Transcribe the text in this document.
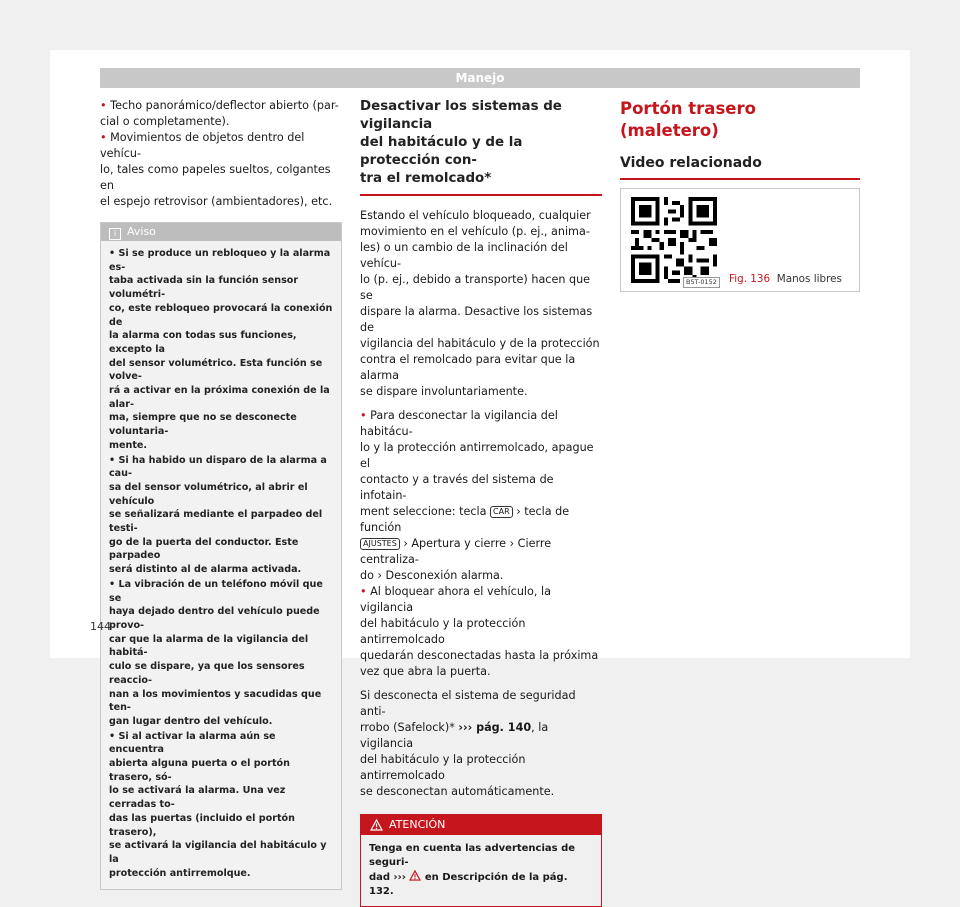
Manejo

• Techo panorámico/deflector abierto (par-
cial o completamente).

• Movimientos de objetos dentro del vehícu-
lo, tales como papeles sueltos, colgantes en
el espejo retrovisor (ambientadores), etc.

i Aviso
• Si se produce un rebloqueo y la alarma es-
taba activada sin la función sensor volumétri-
co, este rebloqueo provocará la conexión de
la alarma con todas sus funciones, excepto la
del sensor volumétrico. Esta función se volve-
rá a activar en la próxima conexión de la alar-
ma, siempre que no se desconecte voluntaria-
mente.
• Si ha habido un disparo de la alarma a cau-
sa del sensor volumétrico, al abrir el vehículo
se señalizará mediante el parpadeo del testi-
go de la puerta del conductor. Este parpadeo
será distinto al de alarma activada.
• La vibración de un teléfono móvil que se
haya dejado dentro del vehículo puede provo-
car que la alarma de la vigilancia del habitá-
culo se dispare, ya que los sensores reaccio-
nan a los movimientos y sacudidas que ten-
gan lugar dentro del vehículo.
• Si al activar la alarma aún se encuentra
abierta alguna puerta o el portón trasero, só-
lo se activará la alarma. Una vez cerradas to-
das las puertas (incluido el portón trasero),
se activará la vigilancia del habitáculo y la
protección antirremolque.
Desactivar los sistemas de vigilancia
del habitáculo y de la protección con-
tra el remolcado*

Estando el vehículo bloqueado, cualquier
movimiento en el vehículo (p. ej., anima-
les) o un cambio de la inclinación del vehícu-
lo (p. ej., debido a transporte) hacen que se
dispare la alarma. Desactive los sistemas de
vigilancia del habitáculo y de la protección
contra el remolcado para evitar que la alarma
se dispare involuntariamente.

• Para desconectar la vigilancia del habitácu-
lo y la protección antirremolcado, apague el
contacto y a través del sistema de infotain-
ment seleccione: tecla CAR › tecla de función
AJUSTES › Apertura y cierre › Cierre centraliza-
do › Desconexión alarma.

• Al bloquear ahora el vehículo, la vigilancia
del habitáculo y la protección antirremolcado
quedarán desconectadas hasta la próxima
vez que abra la puerta.

Si desconecta el sistema de seguridad anti-
rrobo (Safelock)* ››› pág. 140, la vigilancia
del habitáculo y la protección antirremolcado
se desconectan automáticamente.

ATENCIÓN
Tenga en cuenta las advertencias de seguri-
dad ›››  en Descripción de la pág. 132.
Portón trasero (maletero)
Video relacionado
B5T-0152 Fig. 136 Manos libres
144
